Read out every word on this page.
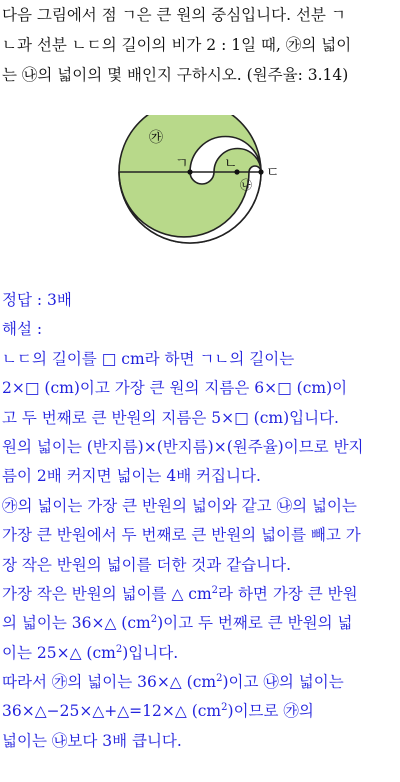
다음 그림에서 점 ㄱ은 큰 원의 중심입니다. 선분 ㄱ
ㄴ과 선분 ㄴㄷ의 길이의 비가 2 : 1일 때, ㉮의 넓이
는 ㉯의 넓이의 몇 배인지 구하시오. (원주율: 3.14)
㉮
㉯
ㄱ	ㄴ
ㄷ
정답 : 3배
해설 :
ㄴㄷ의 길이를 □ cm라 하면 ㄱㄴ의 길이는
2×□ (cm)이고 가장 큰 원의 지름은 6×□ (cm)이
고 두 번째로 큰 반원의 지름은 5×□ (cm)입니다.
원의 넓이는 (반지름)×(반지름)×(원주율)이므로 반지
름이 2배 커지면 넓이는 4배 커집니다.
㉮의 넓이는 가장 큰 반원의 넓이와 같고 ㉯의 넓이는
가장 큰 반원에서 두 번째로 큰 반원의 넓이를 빼고 가
장 작은 반원의 넓이를 더한 것과 같습니다.
가장 작은 반원의 넓이를 △ $cm^2$라 하면 가장 큰 반원
의 넓이는 36×△ $(cm^2)$이고 두 번째로 큰 반원의 넓
이는 25×△ $(cm^2)$입니다.
따라서 ㉮의 넓이는 36×△ $(cm^2)$이고 ㉯의 넓이는
36×△−25×△+△=12×△ $(cm^2)$이므로 ㉮의
넓이는 ㉯보다 3배 큽니다.
